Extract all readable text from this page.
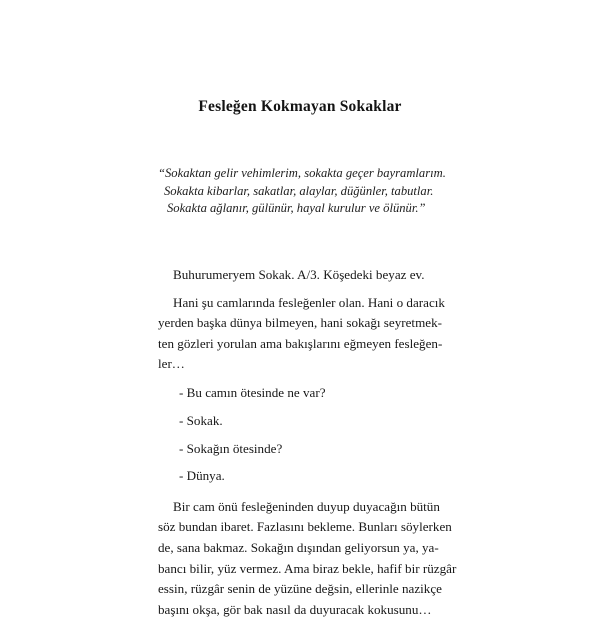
Fesleğen Kokmayan Sokaklar
“Sokaktan gelir vehimlerim, sokakta geçer bayramlarım.
Sokakta kibarlar, sakatlar, alaylar, düğünler, tabutlar.
Sokakta ağlanır, gülünür, hayal kurulur ve ölünür.”

Buhurumeryem Sokak. A/3. Köşedeki beyaz ev.

Hani şu camlarında fesleğenler olan. Hani o daracık
yerden başka dünya bilmeyen, hani sokağı seyretmek-
ten gözleri yorulan ama bakışlarını eğmeyen fesleğen-
ler…

- Bu camın ötesinde ne var?
- Sokak.
- Sokağın ötesinde?
- Dünya.

Bir cam önü fesleğeninden duyup duyacağın bütün
söz bundan ibaret. Fazlasını bekleme. Bunları söylerken
de, sana bakmaz. Sokağın dışından geliyorsun ya, ya-
bancı bilir, yüz vermez. Ama biraz bekle, hafif bir rüzgâr
essin, rüzgâr senin de yüzüne değsin, ellerinle nazikçe
başını okşa, gör bak nasıl da duyuracak kokusunu…
